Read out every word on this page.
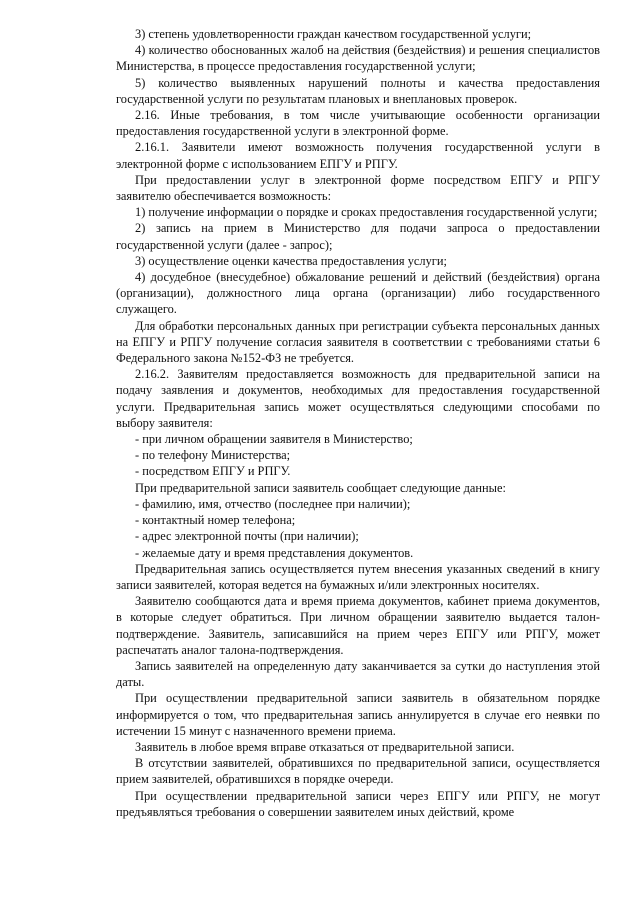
3) степень удовлетворенности граждан качеством государственной услуги;

4) количество обоснованных жалоб на действия (бездействия) и решения специалистов Министерства, в процессе предоставления государственной услуги;

5) количество выявленных нарушений полноты и качества предоставления государственной услуги по результатам плановых и внеплановых проверок.

2.16. Иные требования, в том числе учитывающие особенности организации предоставления государственной услуги в электронной форме.

2.16.1. Заявители имеют возможность получения государственной услуги в электронной форме с использованием ЕПГУ и РПГУ.

При предоставлении услуг в электронной форме посредством ЕПГУ и РПГУ заявителю обеспечивается возможность:

1) получение информации о порядке и сроках предоставления государственной услуги;

2) запись на прием в Министерство для подачи запроса о предоставлении государственной услуги (далее - запрос);

3) осуществление оценки качества предоставления услуги;

4) досудебное (внесудебное) обжалование решений и действий (бездействия) органа (организации), должностного лица органа (организации) либо государственного служащего.

Для обработки персональных данных при регистрации субъекта персональных данных на ЕПГУ и РПГУ получение согласия заявителя в соответствии с требованиями статьи 6 Федерального закона №152-ФЗ не требуется.

2.16.2. Заявителям предоставляется возможность для предварительной записи на подачу заявления и документов, необходимых для предоставления государственной услуги. Предварительная запись может осуществляться следующими способами по выбору заявителя:

- при личном обращении заявителя в Министерство;

- по телефону Министерства;

- посредством ЕПГУ и РПГУ.

При предварительной записи заявитель сообщает следующие данные:

- фамилию, имя, отчество (последнее при наличии);

- контактный номер телефона;

- адрес электронной почты (при наличии);

- желаемые дату и время представления документов.

Предварительная запись осуществляется путем внесения указанных сведений в книгу записи заявителей, которая ведется на бумажных и/или электронных носителях.

Заявителю сообщаются дата и время приема документов, кабинет приема документов, в которые следует обратиться. При личном обращении заявителю выдается талон-подтверждение. Заявитель, записавшийся на прием через ЕПГУ или РПГУ, может распечатать аналог талона-подтверждения.

Запись заявителей на определенную дату заканчивается за сутки до наступления этой даты.

При осуществлении предварительной записи заявитель в обязательном порядке информируется о том, что предварительная запись аннулируется в случае его неявки по истечении 15 минут с назначенного времени приема.

Заявитель в любое время вправе отказаться от предварительной записи.

В отсутствии заявителей, обратившихся по предварительной записи, осуществляется прием заявителей, обратившихся в порядке очереди.

При осуществлении предварительной записи через ЕПГУ или РПГУ, не могут предъявляться требования о совершении заявителем иных действий, кроме
